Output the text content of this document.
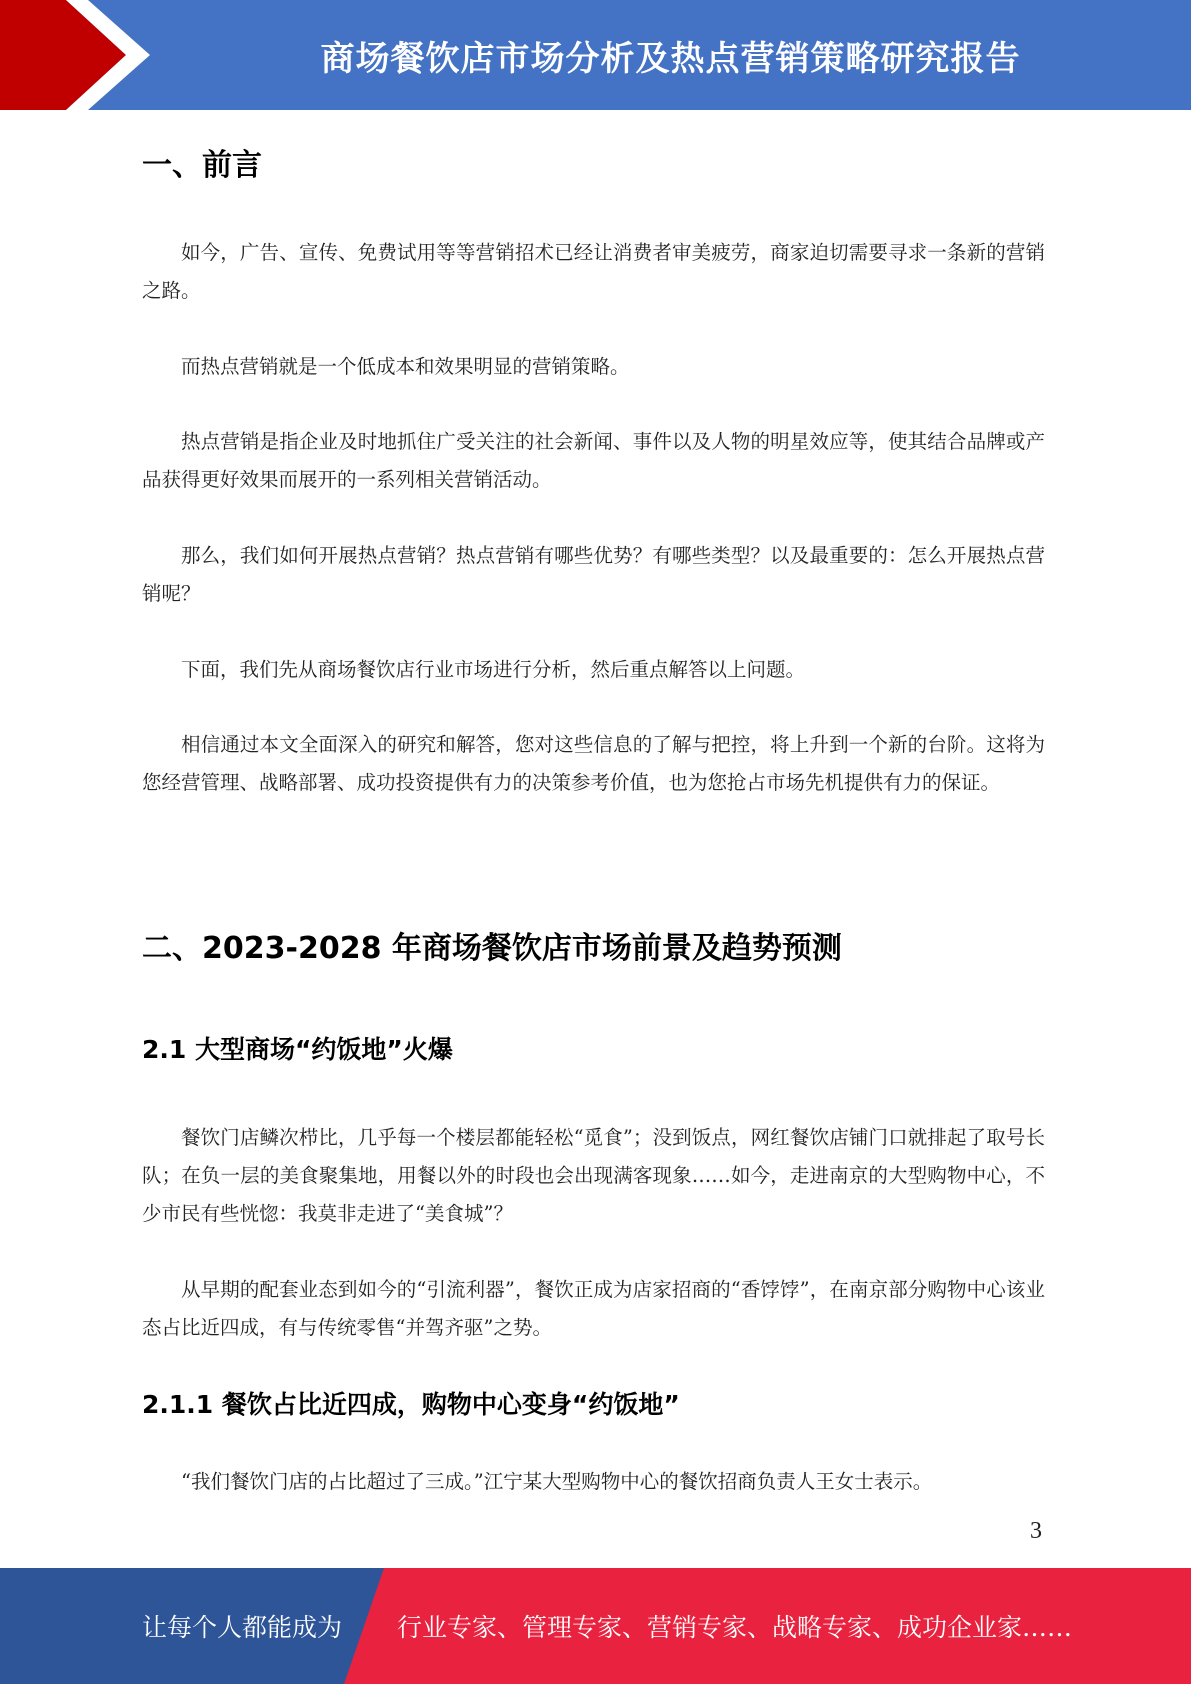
商场餐饮店市场分析及热点营销策略研究报告
一、前言

如今，广告、宣传、免费试用等等营销招术已经让消费者审美疲劳，商家迫切需要寻求一条新的营销之路。

而热点营销就是一个低成本和效果明显的营销策略。

热点营销是指企业及时地抓住广受关注的社会新闻、事件以及人物的明星效应等，使其结合品牌或产品获得更好效果而展开的一系列相关营销活动。

那么，我们如何开展热点营销？热点营销有哪些优势？有哪些类型？以及最重要的：怎么开展热点营销呢？

下面，我们先从商场餐饮店行业市场进行分析，然后重点解答以上问题。

相信通过本文全面深入的研究和解答，您对这些信息的了解与把控，将上升到一个新的台阶。这将为您经营管理、战略部署、成功投资提供有力的决策参考价值，也为您抢占市场先机提供有力的保证。

二、2023-2028 年商场餐饮店市场前景及趋势预测
2.1 大型商场“约饭地”火爆

餐饮门店鳞次栉比，几乎每一个楼层都能轻松“觅食”；没到饭点，网红餐饮店铺门口就排起了取号长队；在负一层的美食聚集地，用餐以外的时段也会出现满客现象……如今，走进南京的大型购物中心，不少市民有些恍惚：我莫非走进了“美食城”？

从早期的配套业态到如今的“引流利器”，餐饮正成为店家招商的“香饽饽”，在南京部分购物中心该业态占比近四成，有与传统零售“并驾齐驱”之势。

2.1.1 餐饮占比近四成，购物中心变身“约饭地”

“我们餐饮门店的占比超过了三成。”江宁某大型购物中心的餐饮招商负责人王女士表示。

3
让每个人都能成为 行业专家、管理专家、营销专家、战略专家、成功企业家……
